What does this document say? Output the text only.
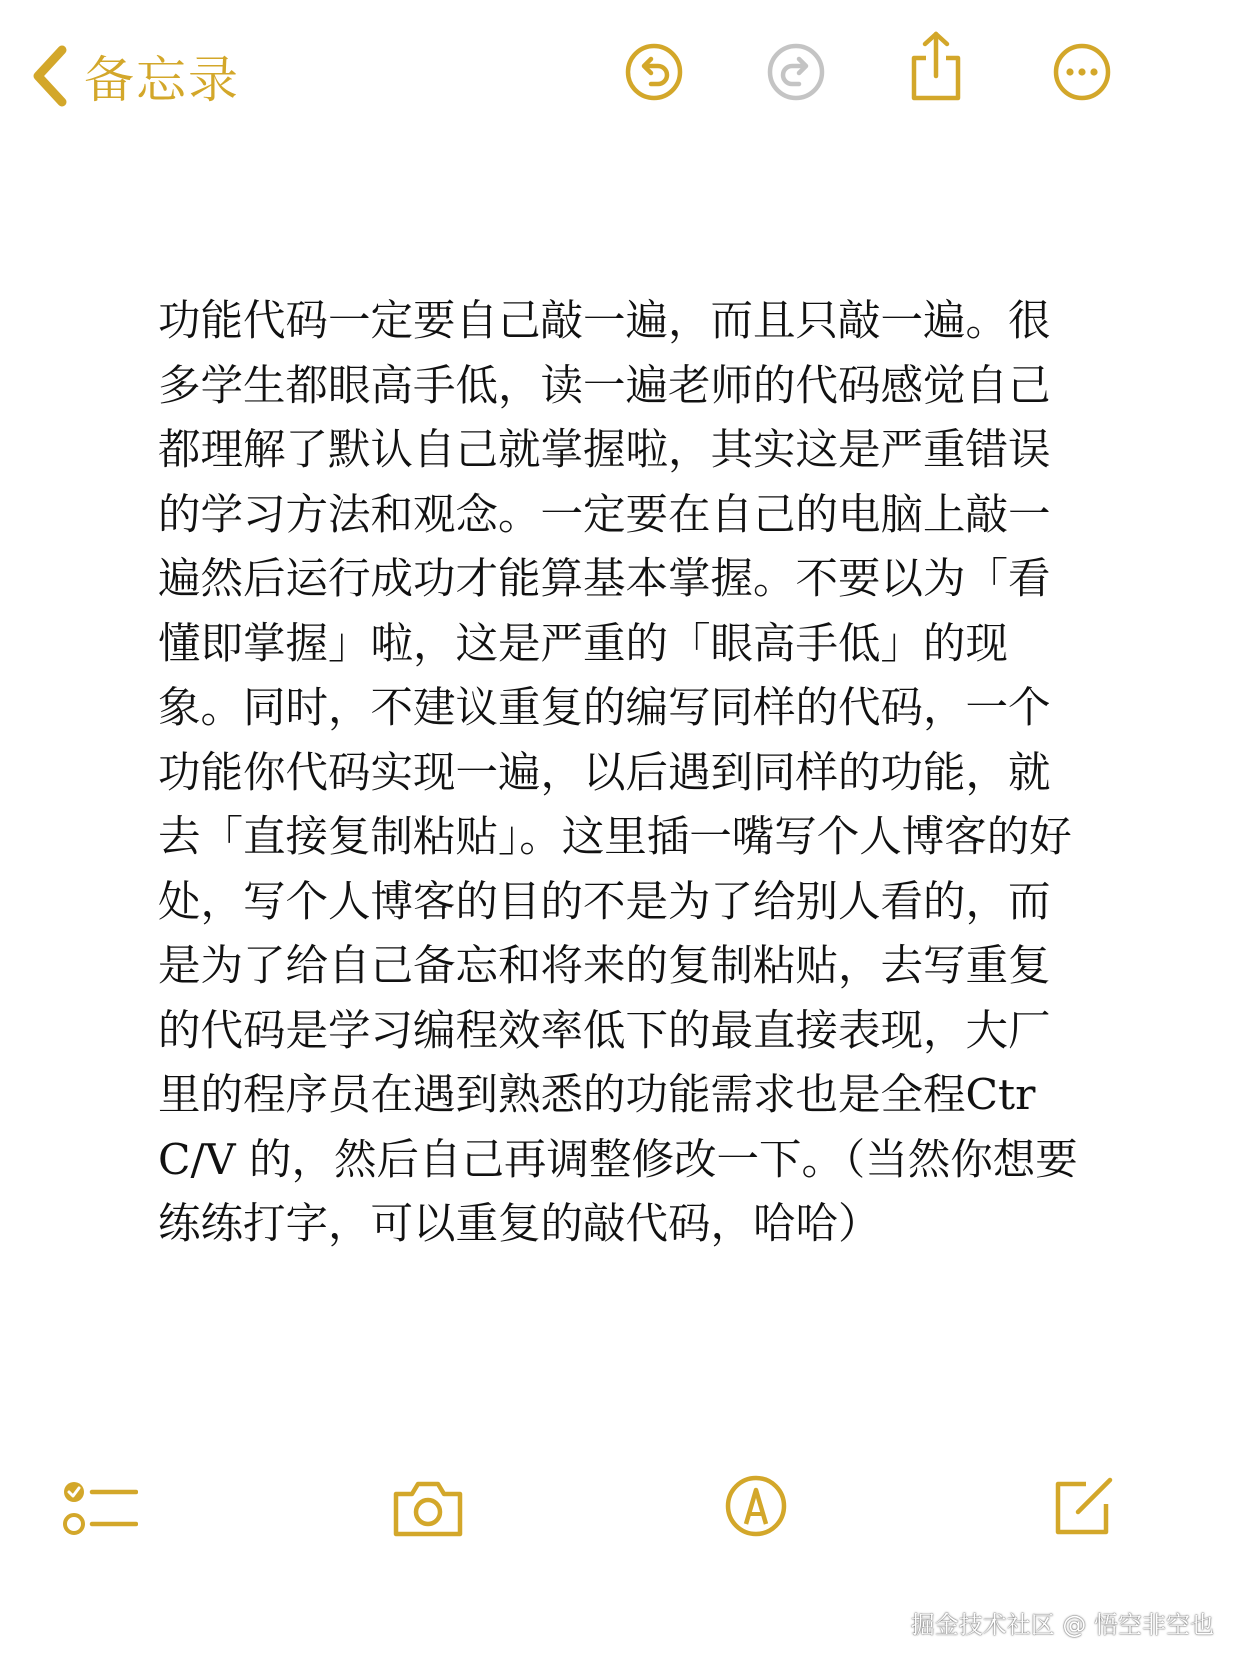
备忘录
功能代码一定要自己敲一遍，而且只敲一遍。很多学生都眼高手低，读一遍老师的代码感觉自己都理解了默认自己就掌握啦，其实这是严重错误的学习方法和观念。一定要在自己的电脑上敲一遍然后运行成功才能算基本掌握。不要以为「看懂即掌握」啦，这是严重的「眼高手低」的现象。同时，不建议重复的编写同样的代码，一个功能你代码实现一遍，以后遇到同样的功能，就去「直接复制粘贴」。这里插一嘴写个人博客的好处，写个人博客的目的不是为了给别人看的，而是为了给自己备忘和将来的复制粘贴，去写重复的代码是学习编程效率低下的最直接表现，大厂里的程序员在遇到熟悉的功能需求也是全程Ctr C/V 的，然后自己再调整修改一下。（当然你想要练练打字，可以重复的敲代码，哈哈）
掘金技术社区 @ 悟空非空也
